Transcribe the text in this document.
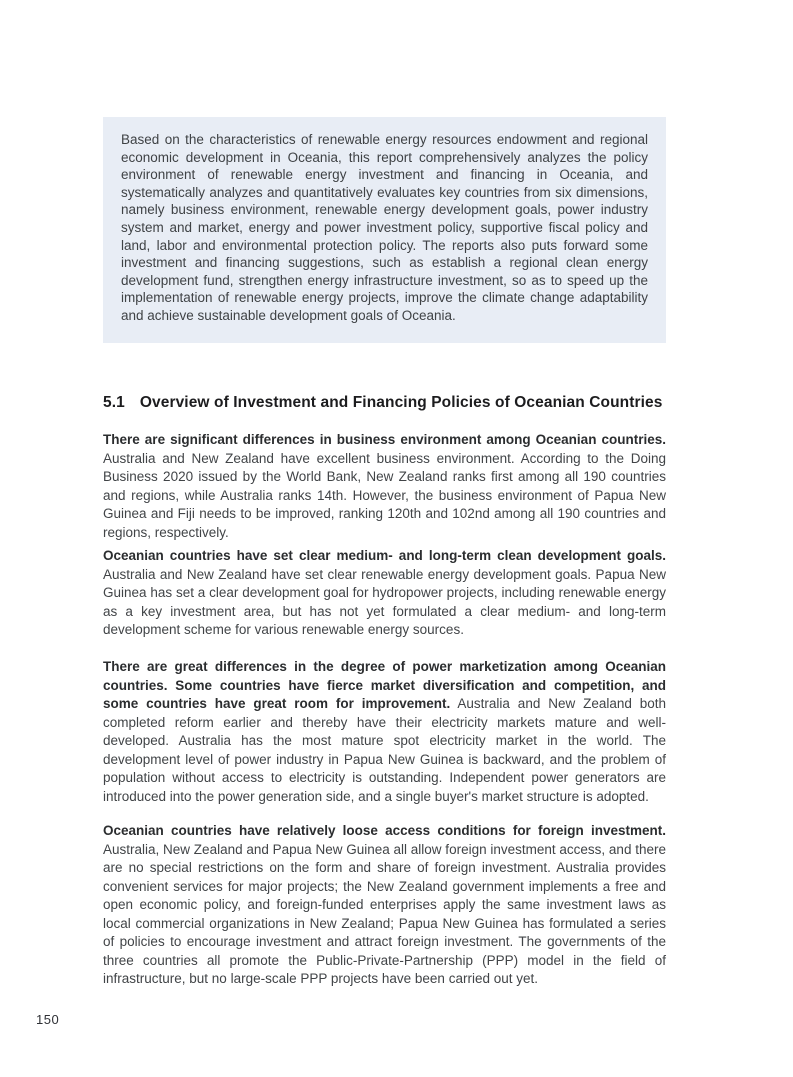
Based on the characteristics of renewable energy resources endowment and regional economic development in Oceania, this report comprehensively analyzes the policy environment of renewable energy investment and financing in Oceania, and systematically analyzes and quantitatively evaluates key countries from six dimensions, namely business environment, renewable energy development goals, power industry system and market, energy and power investment policy, supportive fiscal policy and land, labor and environmental protection policy. The reports also puts forward some investment and financing suggestions, such as establish a regional clean energy development fund, strengthen energy infrastructure investment, so as to speed up the implementation of renewable energy projects, improve the climate change adaptability and achieve sustainable development goals of Oceania.

5.1 Overview of Investment and Financing Policies of Oceanian Countries

There are significant differences in business environment among Oceanian countries. Australia and New Zealand have excellent business environment. According to the Doing Business 2020 issued by the World Bank, New Zealand ranks first among all 190 countries and regions, while Australia ranks 14th. However, the business environment of Papua New Guinea and Fiji needs to be improved, ranking 120th and 102nd among all 190 countries and regions, respectively.

Oceanian countries have set clear medium- and long-term clean development goals. Australia and New Zealand have set clear renewable energy development goals. Papua New Guinea has set a clear development goal for hydropower projects, including renewable energy as a key investment area, but has not yet formulated a clear medium- and long-term development scheme for various renewable energy sources.

There are great differences in the degree of power marketization among Oceanian countries. Some countries have fierce market diversification and competition, and some countries have great room for improvement. Australia and New Zealand both completed reform earlier and thereby have their electricity markets mature and well-developed. Australia has the most mature spot electricity market in the world. The development level of power industry in Papua New Guinea is backward, and the problem of population without access to electricity is outstanding. Independent power generators are introduced into the power generation side, and a single buyer's market structure is adopted.

Oceanian countries have relatively loose access conditions for foreign investment. Australia, New Zealand and Papua New Guinea all allow foreign investment access, and there are no special restrictions on the form and share of foreign investment. Australia provides convenient services for major projects; the New Zealand government implements a free and open economic policy, and foreign-funded enterprises apply the same investment laws as local commercial organizations in New Zealand; Papua New Guinea has formulated a series of policies to encourage investment and attract foreign investment. The governments of the three countries all promote the Public-Private-Partnership (PPP) model in the field of infrastructure, but no large-scale PPP projects have been carried out yet.

150
